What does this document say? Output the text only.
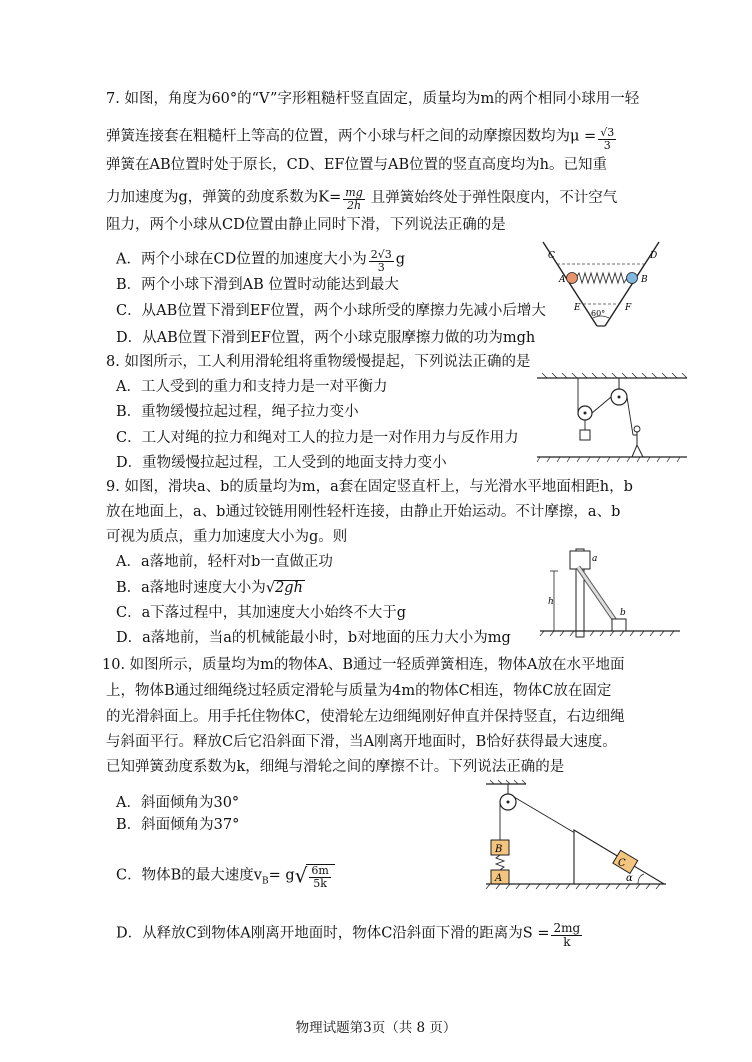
7. 如图，角度为60°的“V”字形粗糙杆竖直固定，质量均为m的两个相同小球用一轻
弹簧连接套在粗糙杆上等高的位置，两个小球与杆之间的动摩擦因数均为$\mu = \frac{√3}{3}$
弹簧在AB位置时处于原长，CD、EF位置与AB位置的竖直高度均为h。已知重
力加速度为g，弹簧的劲度系数为$K= \frac{mg}{2h}$ 且弹簧始终处于弹性限度内，不计空气
阻力，两个小球从CD位置由静止同时下滑，下列说法正确的是
A．两个小球在CD位置的加速度大小为 $\frac{2√3}{3}$ g
B．两个小球下滑到AB 位置时动能达到最大
C．从AB位置下滑到EF位置，两个小球所受的摩擦力先减小后增大
D．从AB位置下滑到EF位置，两个小球克服摩擦力做的功为mgh
C	D
A	B
E	F
60°
8. 如图所示，工人利用滑轮组将重物缓慢提起，下列说法正确的是
A．工人受到的重力和支持力是一对平衡力
B．重物缓慢拉起过程，绳子拉力变小
C．工人对绳的拉力和绳对工人的拉力是一对作用力与反作用力
D．重物缓慢拉起过程，工人受到的地面支持力变小
9. 如图，滑块a、b的质量均为m，a套在固定竖直杆上，与光滑水平地面相距h，b
放在地面上，a、b通过铰链用刚性轻杆连接，由静止开始运动。不计摩擦，a、b
可视为质点，重力加速度大小为g。则
A．a落地前，轻杆对b一直做正功
B．a落地时速度大小为√2gh
C．a下落过程中，其加速度大小始终不大于g
D．a落地前，当a的机械能最小时，b对地面的压力大小为mg
h
a
b
10. 如图所示，质量均为m的物体A、B通过一轻质弹簧相连，物体A放在水平地面
上，物体B通过细绳绕过轻质定滑轮与质量为4m的物体C相连，物体C放在固定
的光滑斜面上。用手托住物体C，使滑轮左边细绳刚好伸直并保持竖直，右边细绳
与斜面平行。释放C后它沿斜面下滑，当A刚离开地面时，B恰好获得最大速度。
已知弹簧劲度系数为k，细绳与滑轮之间的摩擦不计。下列说法正确的是
A．斜面倾角为30°
B．斜面倾角为37°
C．物体B的最大速度$v_B= g√ \frac{6m}{5k}$
D．从释放C到物体A刚离开地面时，物体C沿斜面下滑的距离为$S = \frac{2mg}{k}$
B
A
C
α
物理试题第3页（共 8 页）
